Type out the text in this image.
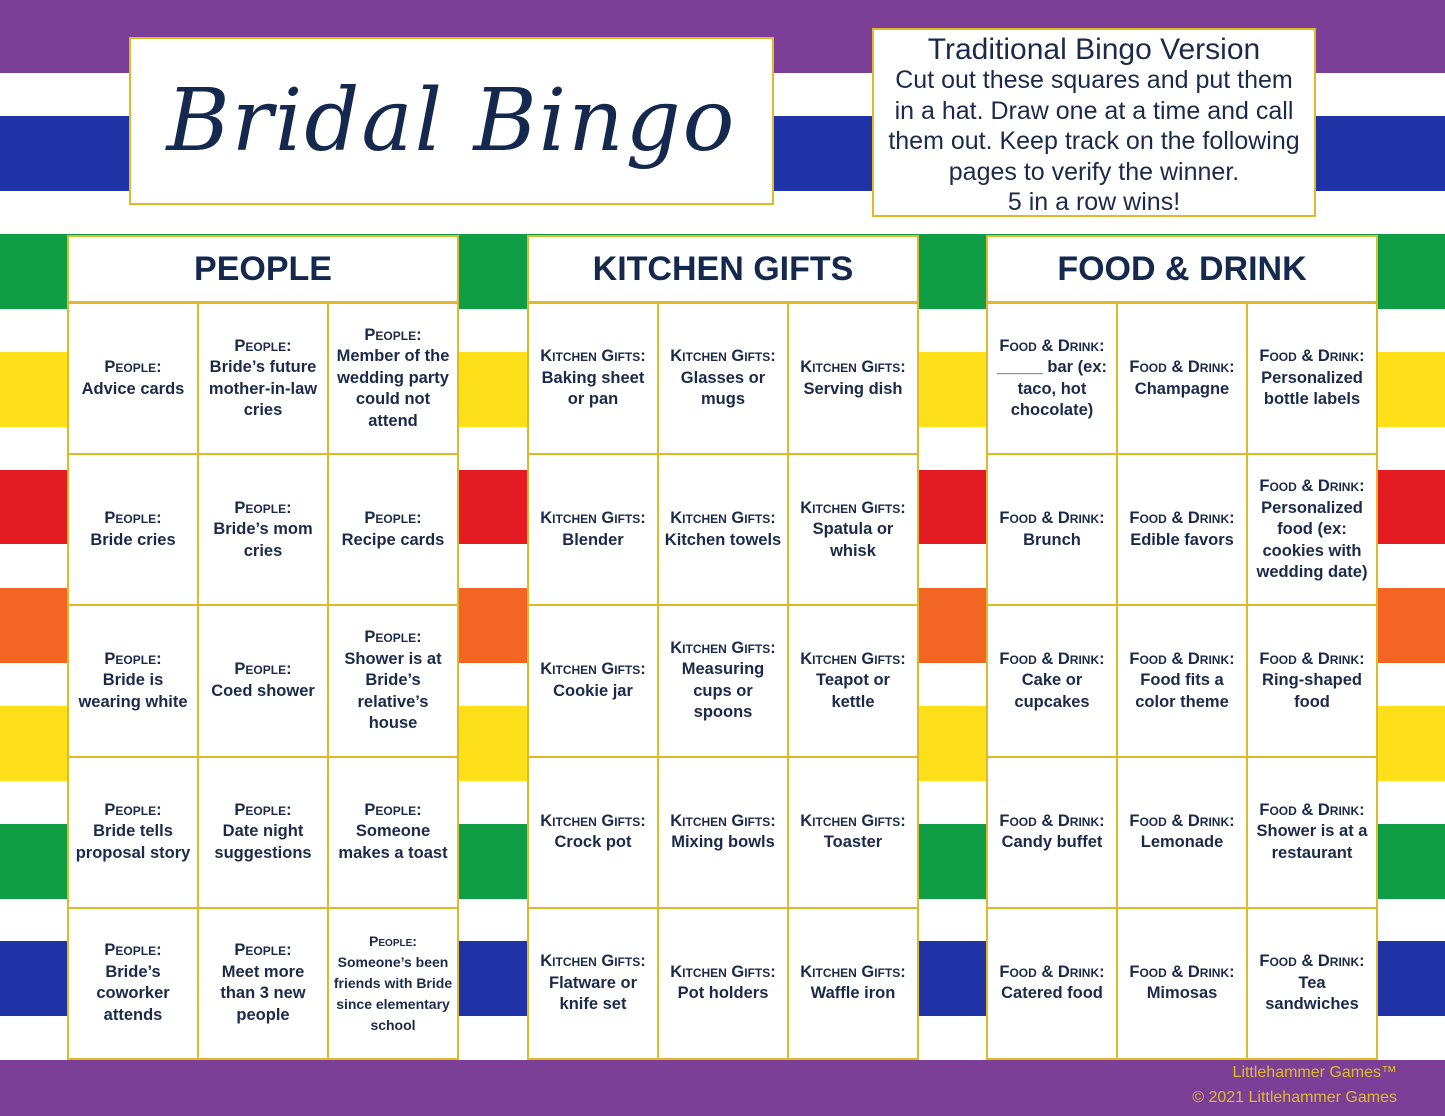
Bridal Bingo
Traditional Bingo Version
Cut out these squares and put them
in a hat. Draw one at a time and call
them out. Keep track on the following
pages to verify the winner.
5 in a row wins!
PEOPLE
People:
Advice cards
People:
Bride’s future mother-in-law cries
People:
Member of the wedding party could not attend
People:
Bride cries
People:
Bride’s mom cries
People:
Recipe cards
People:
Bride is wearing white
People:
Coed shower
People:
Shower is at Bride’s relative’s house
People:
Bride tells proposal story
People:
Date night suggestions
People:
Someone makes a toast
People:
Bride’s coworker attends
People:
Meet more than 3 new people
People:
Someone’s been friends with Bride since elementary school
KITCHEN GIFTS
Kitchen Gifts:
Baking sheet or pan
Kitchen Gifts:
Glasses or mugs
Kitchen Gifts:
Serving dish
Kitchen Gifts:
Blender
Kitchen Gifts:
Kitchen towels
Kitchen Gifts:
Spatula or whisk
Kitchen Gifts:
Cookie jar
Kitchen Gifts:
Measuring cups or spoons
Kitchen Gifts:
Teapot or kettle
Kitchen Gifts:
Crock pot
Kitchen Gifts:
Mixing bowls
Kitchen Gifts:
Toaster
Kitchen Gifts:
Flatware or knife set
Kitchen Gifts:
Pot holders
Kitchen Gifts:
Waffle iron
FOOD & DRINK
Food & Drink:
_____ bar (ex: taco, hot chocolate)
Food & Drink:
Champagne
Food & Drink:
Personalized bottle labels
Food & Drink:
Brunch
Food & Drink:
Edible favors
Food & Drink:
Personalized food (ex: cookies with wedding date)
Food & Drink:
Cake or cupcakes
Food & Drink:
Food fits a color theme
Food & Drink:
Ring-shaped food
Food & Drink:
Candy buffet
Food & Drink:
Lemonade
Food & Drink:
Shower is at a restaurant
Food & Drink:
Catered food
Food & Drink:
Mimosas
Food & Drink:
Tea sandwiches
Littlehammer Games™
© 2021 Littlehammer Games
